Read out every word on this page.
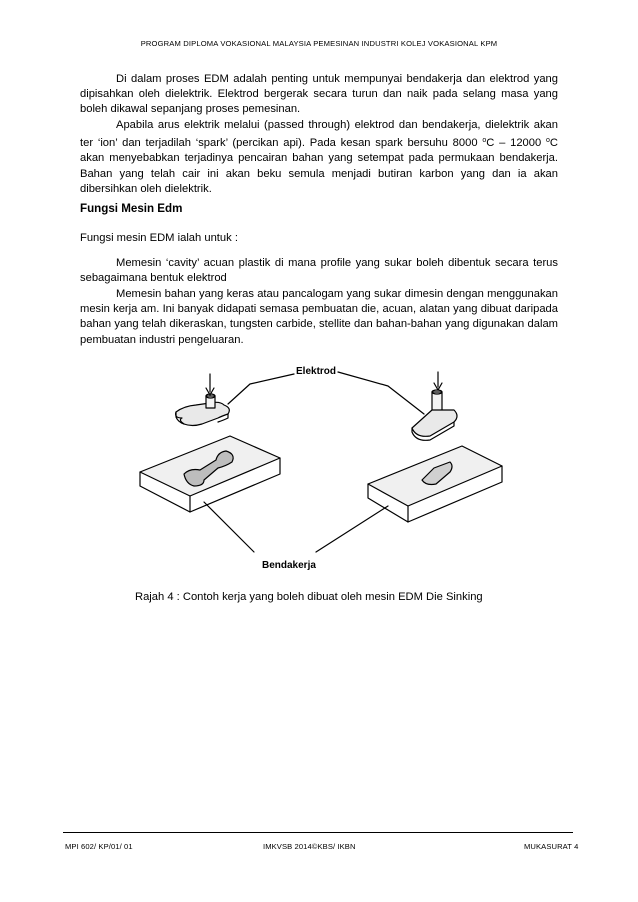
PROGRAM DIPLOMA VOKASIONAL MALAYSIA PEMESINAN INDUSTRI KOLEJ VOKASIONAL KPM

Di dalam proses EDM adalah penting untuk mempunyai bendakerja dan elektrod yang dipisahkan oleh dielektrik. Elektrod bergerak secara turun dan naik pada selang masa yang boleh dikawal sepanjang proses pemesinan.

Apabila arus elektrik melalui (passed through) elektrod dan bendakerja, dielektrik akan ter ‘ion’ dan terjadilah ‘spark’ (percikan api). Pada kesan spark bersuhu 8000 $^o$C – 12000 $^o$C akan menyebabkan terjadinya pencairan bahan yang setempat pada permukaan bendakerja. Bahan yang telah cair ini akan beku semula menjadi butiran karbon yang dan ia akan dibersihkan oleh dielektrik.

Fungsi Mesin Edm
Fungsi mesin EDM ialah untuk :

Memesin ‘cavity’ acuan plastik di mana profile yang sukar boleh dibentuk secara terus sebagaimana bentuk elektrod

Memesin bahan yang keras atau pancalogam yang sukar dimesin dengan menggunakan mesin kerja am. Ini banyak didapati semasa pembuatan die, acuan, alatan yang dibuat daripada bahan yang telah dikeraskan, tungsten carbide, stellite dan bahan-bahan yang digunakan dalam pembuatan industri pengeluaran.

Elektrod
Bendakerja
Rajah 4 : Contoh kerja yang boleh dibuat oleh mesin EDM Die Sinking
MPI 602/ KP/01/ 01	IMKVSB 2014©KBS/ IKBN	MUKASURAT 4
